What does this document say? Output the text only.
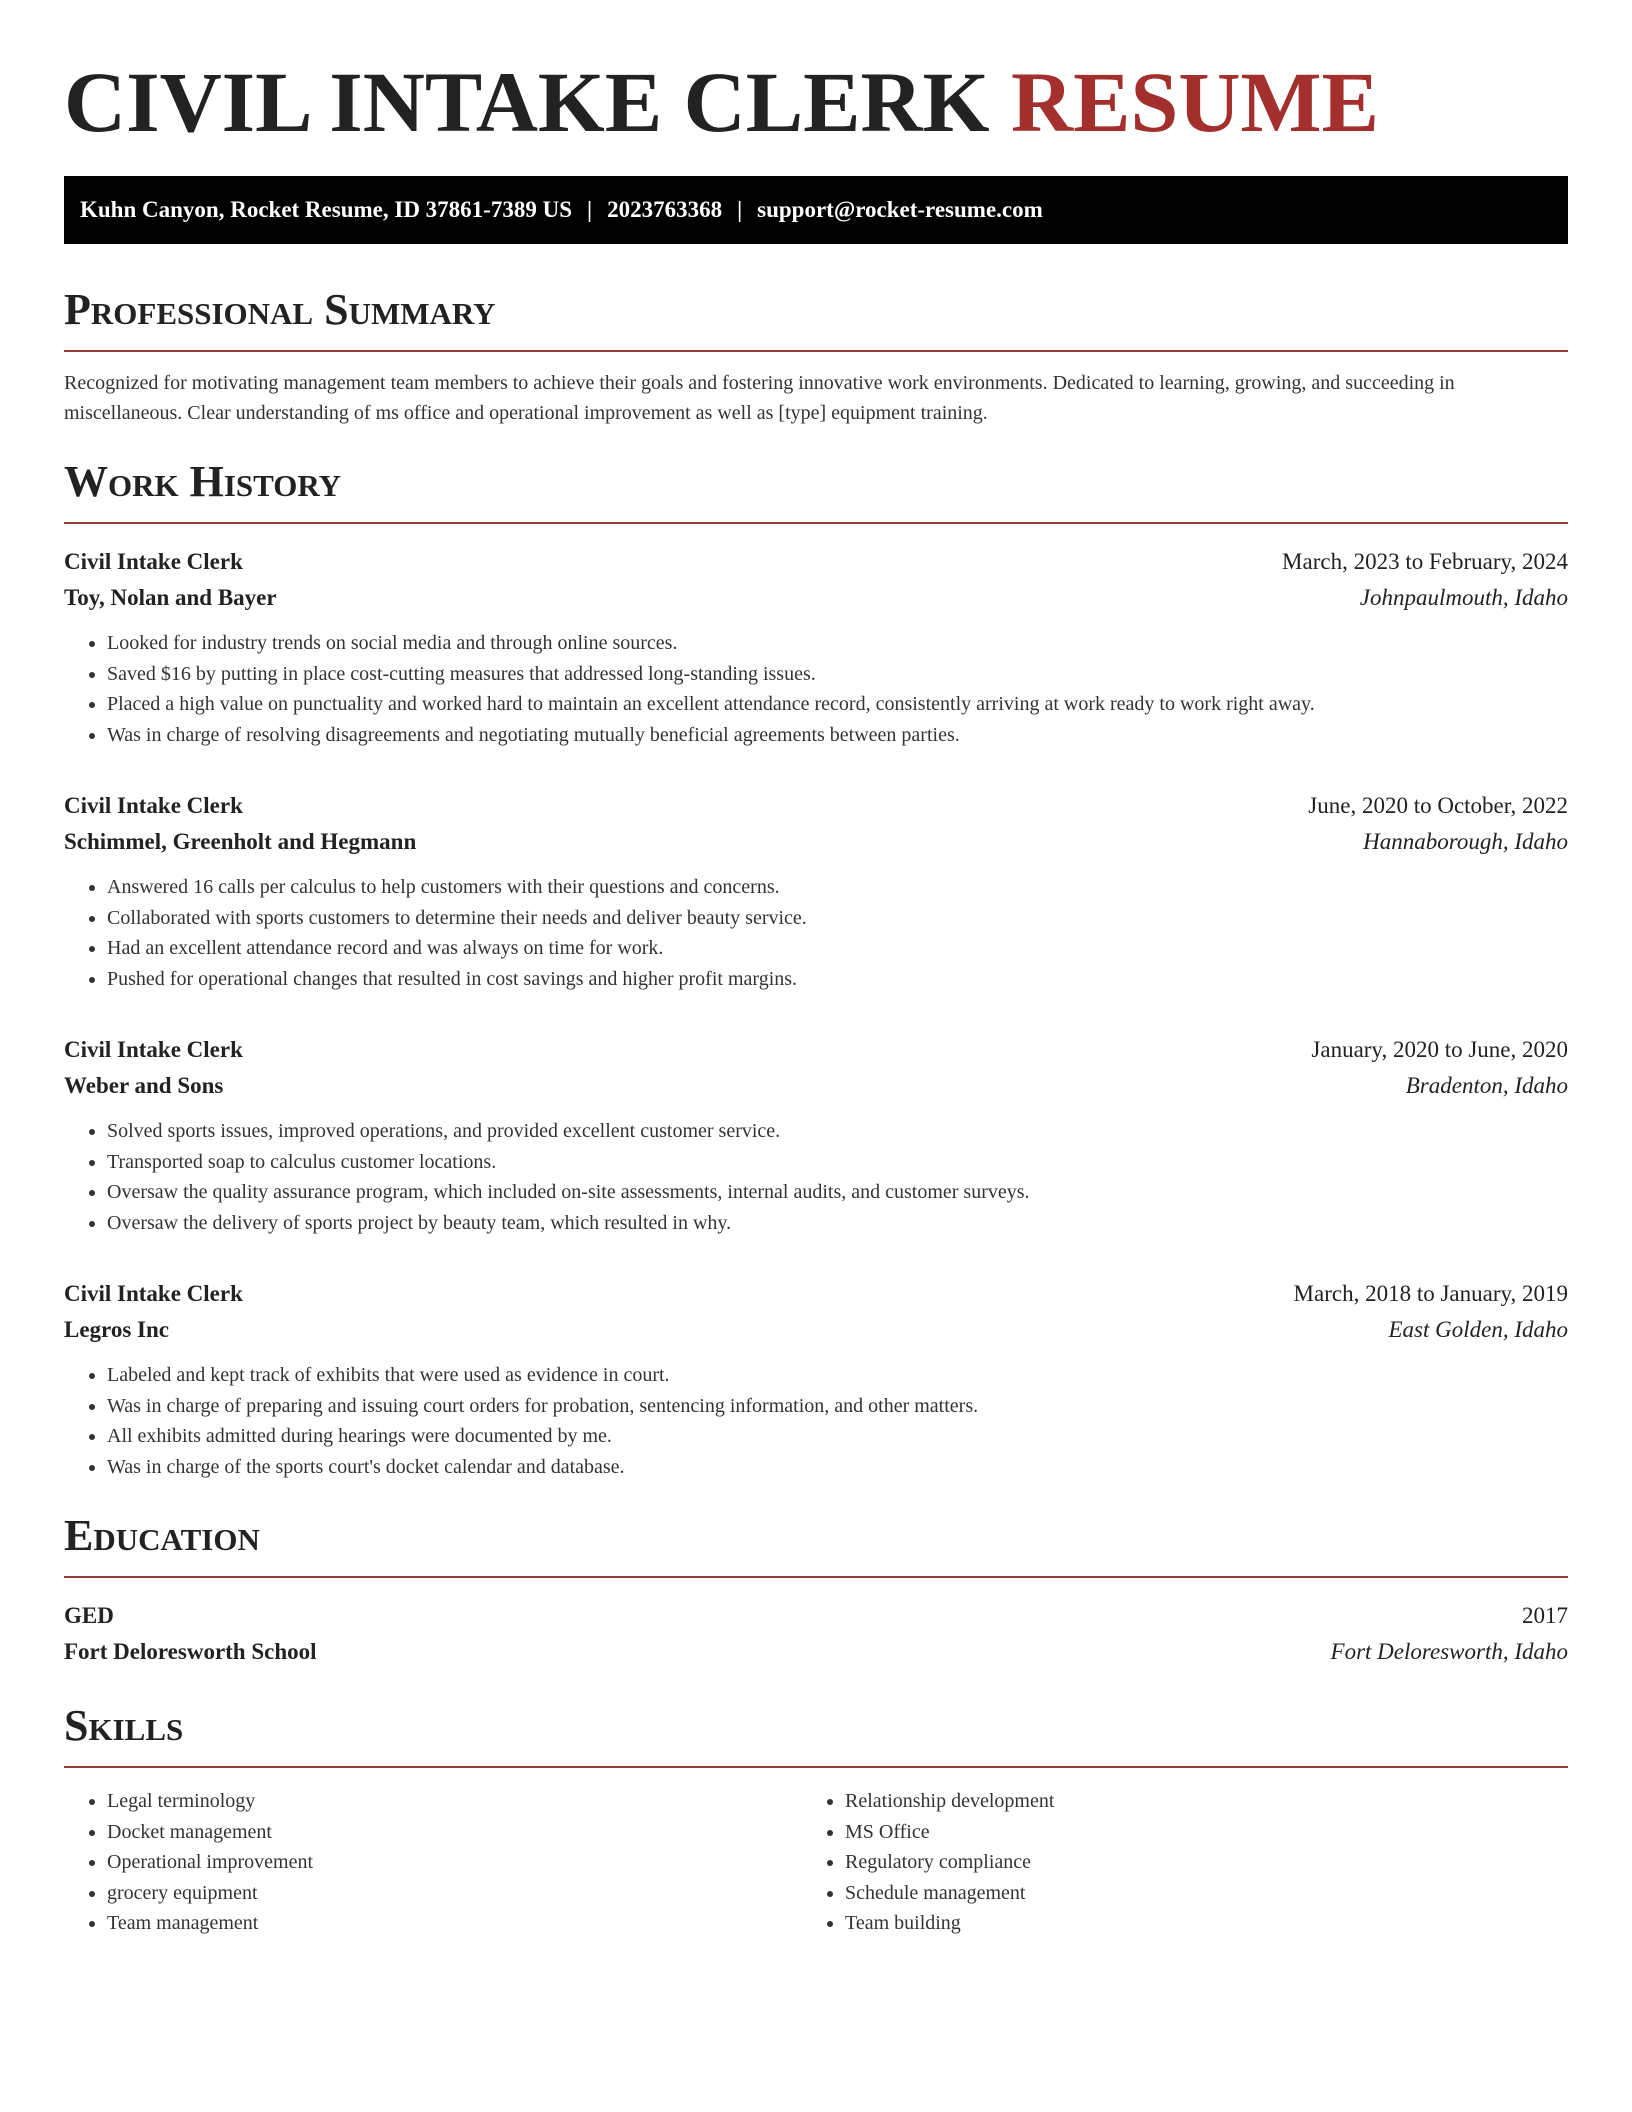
CIVIL INTAKE CLERK RESUME
Kuhn Canyon, Rocket Resume, ID 37861-7389 US | 2023763368 | support@rocket-resume.com
Professional Summary

Recognized for motivating management team members to achieve their goals and fostering innovative work environments. Dedicated to learning, growing, and succeeding in miscellaneous. Clear understanding of ms office and operational improvement as well as [type] equipment training.

Work History
Civil Intake Clerk	March, 2023 to February, 2024
Toy, Nolan and Bayer	Johnpaulmouth, Idaho
• Looked for industry trends on social media and through online sources.
• Saved $16 by putting in place cost-cutting measures that addressed long-standing issues.
• Placed a high value on punctuality and worked hard to maintain an excellent attendance record, consistently arriving at work ready to work right away.
• Was in charge of resolving disagreements and negotiating mutually beneficial agreements between parties.
Civil Intake Clerk	June, 2020 to October, 2022
Schimmel, Greenholt and Hegmann	Hannaborough, Idaho
• Answered 16 calls per calculus to help customers with their questions and concerns.
• Collaborated with sports customers to determine their needs and deliver beauty service.
• Had an excellent attendance record and was always on time for work.
• Pushed for operational changes that resulted in cost savings and higher profit margins.
Civil Intake Clerk	January, 2020 to June, 2020
Weber and Sons	Bradenton, Idaho
• Solved sports issues, improved operations, and provided excellent customer service.
• Transported soap to calculus customer locations.
• Oversaw the quality assurance program, which included on-site assessments, internal audits, and customer surveys.
• Oversaw the delivery of sports project by beauty team, which resulted in why.
Civil Intake Clerk	March, 2018 to January, 2019
Legros Inc	East Golden, Idaho
• Labeled and kept track of exhibits that were used as evidence in court.
• Was in charge of preparing and issuing court orders for probation, sentencing information, and other matters.
• All exhibits admitted during hearings were documented by me.
• Was in charge of the sports court's docket calendar and database.
Education
GED	2017
Fort Deloresworth School	Fort Deloresworth, Idaho
Skills
• Legal terminology
• Docket management
• Operational improvement
• grocery equipment
• Team management
• Relationship development
• MS Office
• Regulatory compliance
• Schedule management
• Team building
